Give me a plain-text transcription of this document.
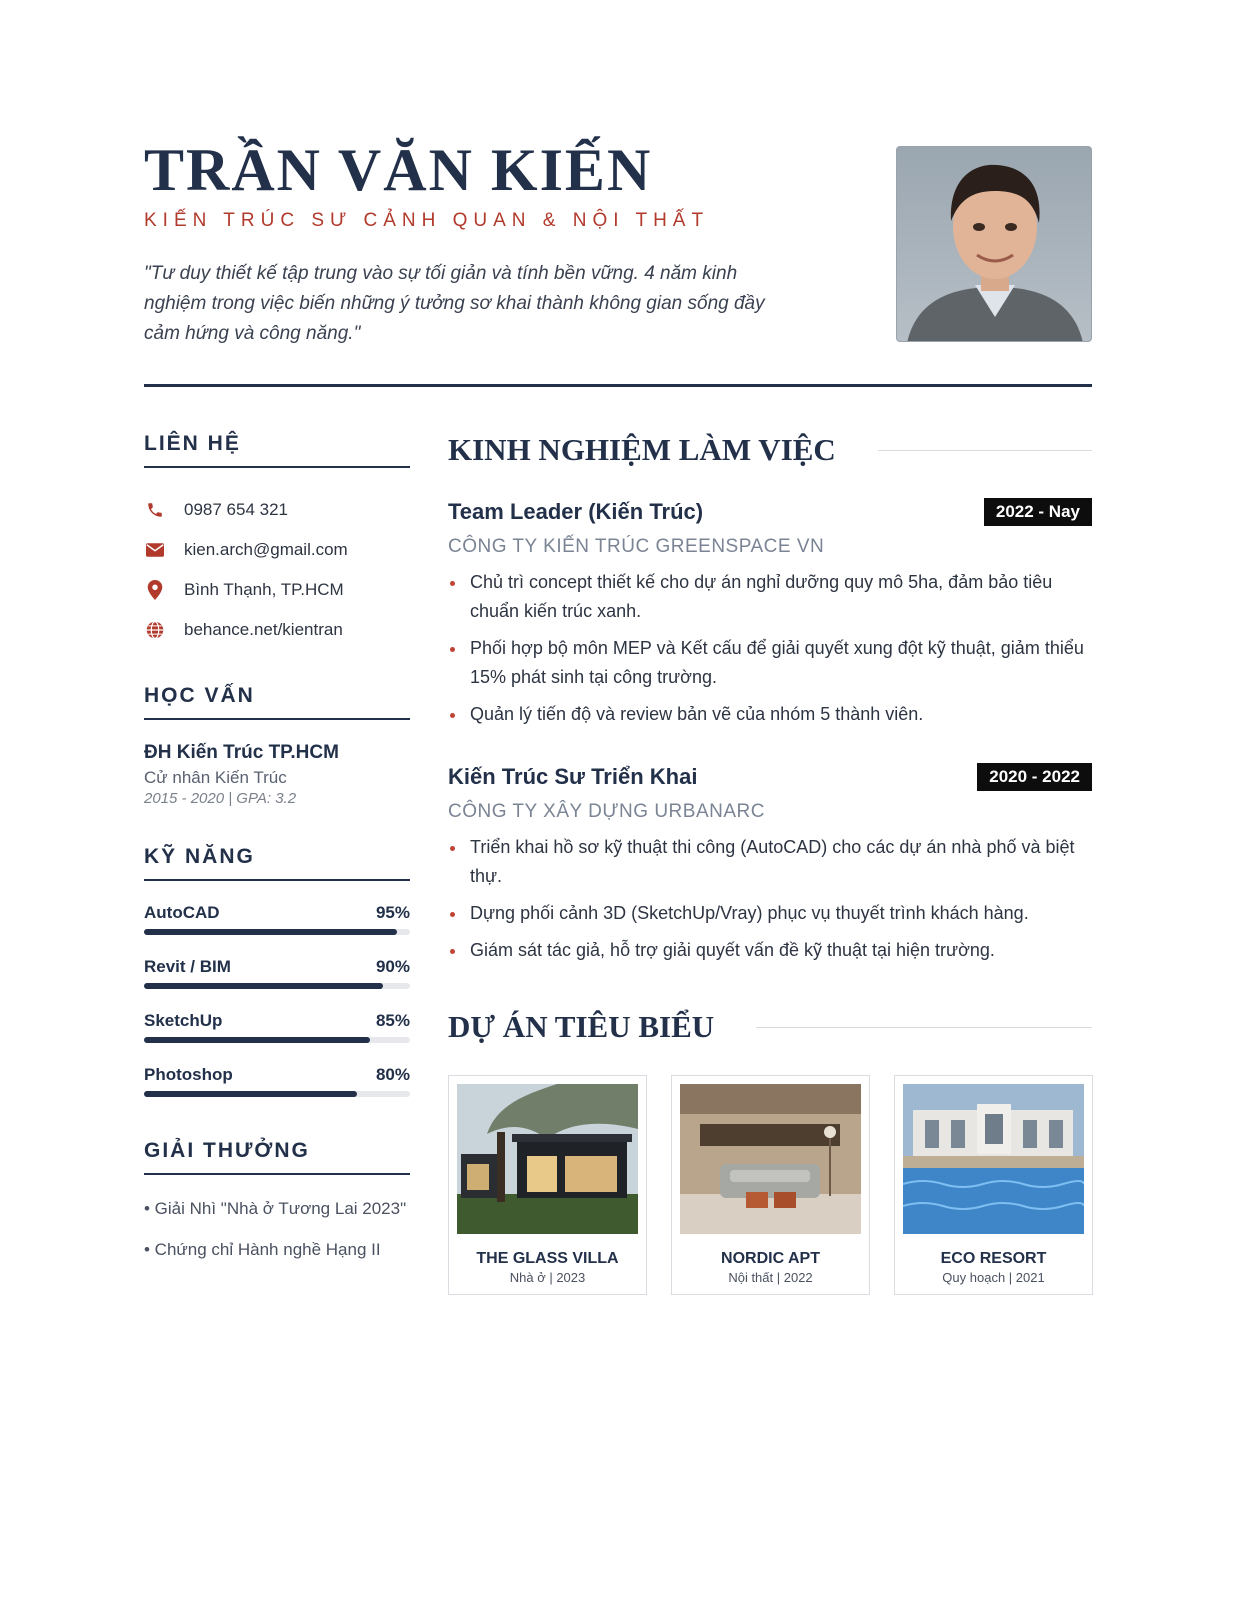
TRẦN VĂN KIẾN
KIẾN TRÚC SƯ CẢNH QUAN & NỘI THẤT

"Tư duy thiết kế tập trung vào sự tối giản và tính bền vững. 4 năm kinh nghiệm trong việc biến những ý tưởng sơ khai thành không gian sống đầy cảm hứng và công năng."

LIÊN HỆ
0987 654 321
kien.arch@gmail.com
Bình Thạnh, TP.HCM
behance.net/kientran
HỌC VẤN
ĐH Kiến Trúc TP.HCM
Cử nhân Kiến Trúc
2015 - 2020 | GPA: 3.2
KỸ NĂNG
AutoCAD	95%
Revit / BIM	90%
SketchUp	85%
Photoshop	80%
GIẢI THƯỞNG
• Giải Nhì "Nhà ở Tương Lai 2023"
• Chứng chỉ Hành nghề Hạng II
KINH NGHIỆM LÀM VIỆC
Team Leader (Kiến Trúc)	2022 - Nay
CÔNG TY KIẾN TRÚC GREENSPACE VN
Chủ trì concept thiết kế cho dự án nghỉ dưỡng quy mô 5ha, đảm bảo tiêu chuẩn kiến trúc xanh.
Phối hợp bộ môn MEP và Kết cấu để giải quyết xung đột kỹ thuật, giảm thiểu 15% phát sinh tại công trường.
Quản lý tiến độ và review bản vẽ của nhóm 5 thành viên.
Kiến Trúc Sư Triển Khai	2020 - 2022
CÔNG TY XÂY DỰNG URBANARC
Triển khai hồ sơ kỹ thuật thi công (AutoCAD) cho các dự án nhà phố và biệt thự.
Dựng phối cảnh 3D (SketchUp/Vray) phục vụ thuyết trình khách hàng.
Giám sát tác giả, hỗ trợ giải quyết vấn đề kỹ thuật tại hiện trường.
DỰ ÁN TIÊU BIỂU
THE GLASS VILLA
Nhà ở | 2023
NORDIC APT
Nội thất | 2022
ECO RESORT
Quy hoạch | 2021
